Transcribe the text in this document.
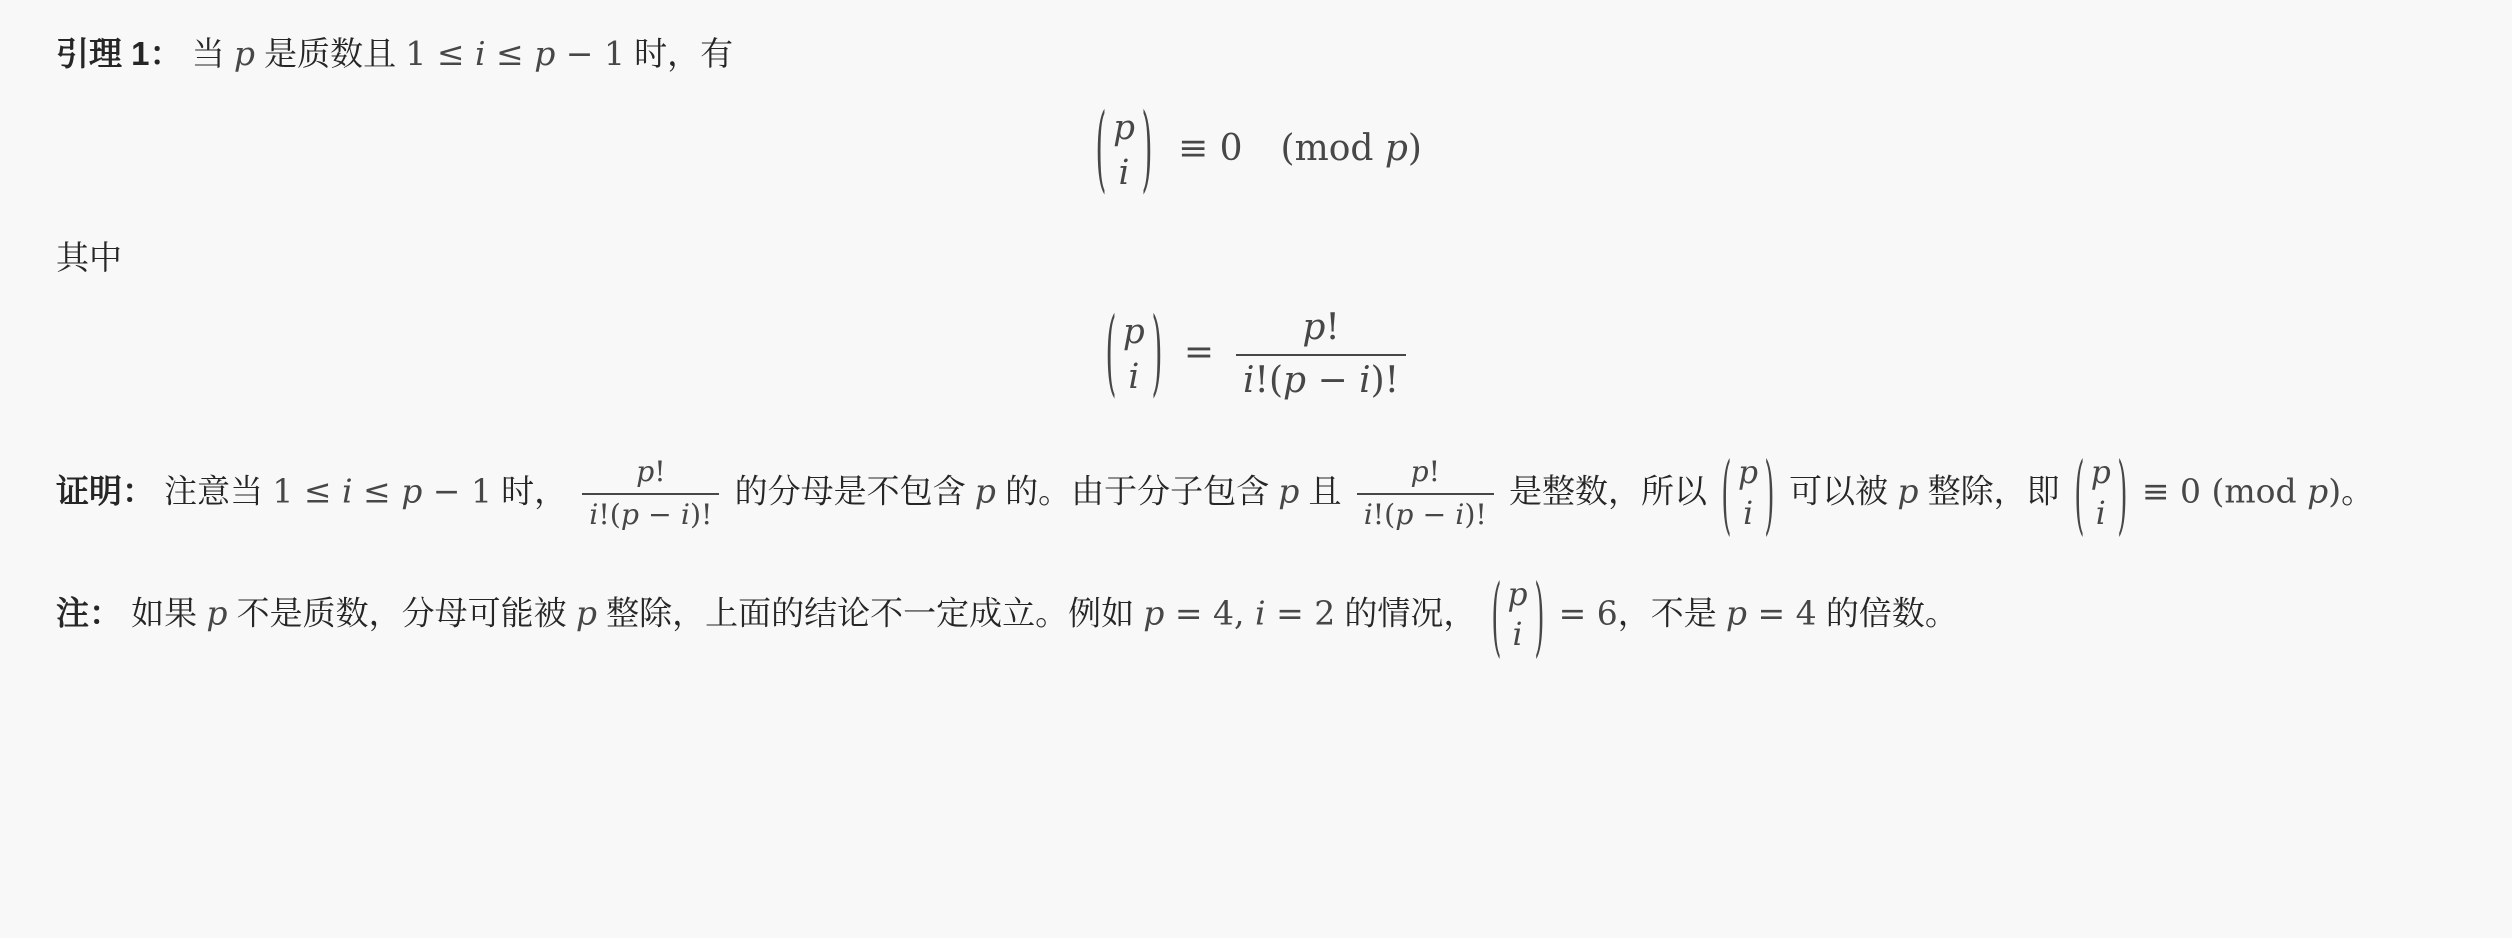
引理 1： 当 p 是质数且 1 ≤ i ≤ p − 1 时，有

( p
i ) ≡ 0 (mod p)

其中

( p
i ) = $\frac{p!}{i!(p - i)!}$

证明： 注意当 1 ≤ i ≤ p − 1 时， $\frac{p!}{i!(p - i)!}$ 的分母是不包含 p 的。由于分子包含 p 且 $\frac{p!}{i!(p - i)!}$ 是整数，所以 ( p
i ) 可以被 p 整除，即 ( p
i ) ≡ 0 (mod p)。

注： 如果 p 不是质数，分母可能被 p 整除，上面的结论不一定成立。例如 p = 4, i = 2 的情况， ( p
i ) = 6，不是 p = 4 的倍数。
